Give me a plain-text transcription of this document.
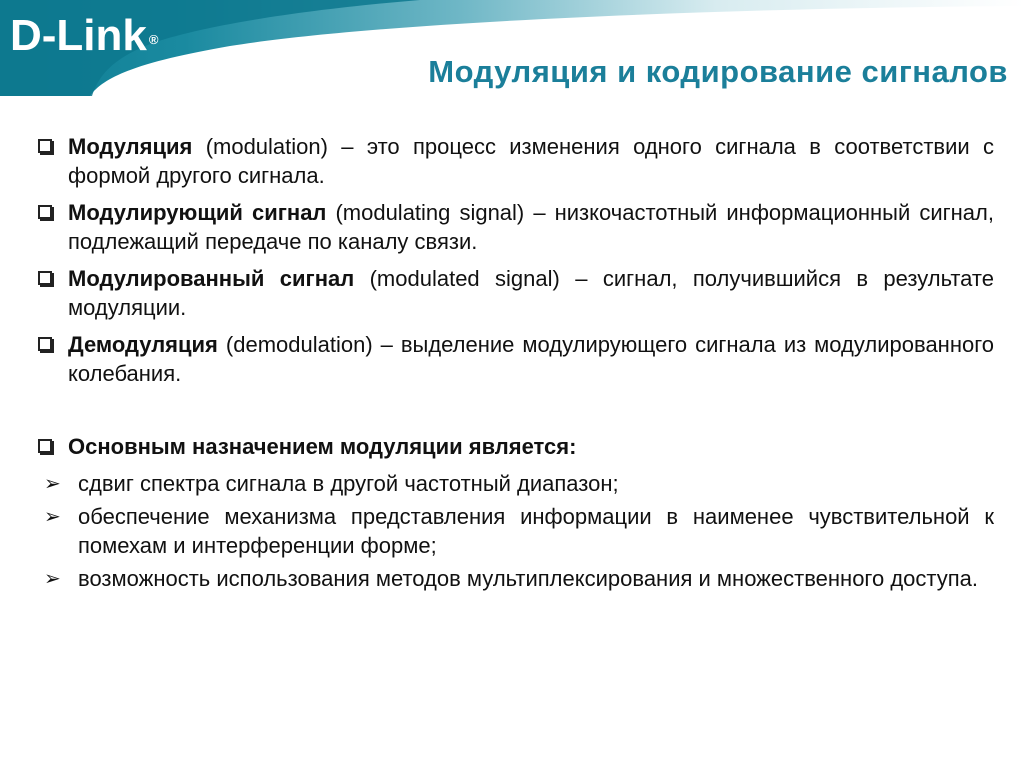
D-Link ®
Модуляция и кодирование сигналов
Модуляция (modulation) – это процесс изменения одного сигнала в соответствии с формой другого сигнала.
Модулирующий сигнал (modulating signal) – низкочастотный информационный сигнал, подлежащий передаче по каналу связи.
Модулированный сигнал (modulated signal) – сигнал, получившийся в результате модуляции.
Демодуляция (demodulation) – выделение модулирующего сигнала из модулированного колебания.
Основным назначением модуляции является:
➢ сдвиг спектра сигнала в другой частотный диапазон;
➢ обеспечение механизма представления информации в наименее чувствительной к помехам и интерференции форме;
➢ возможность использования методов мультиплексирования и множественного доступа.
